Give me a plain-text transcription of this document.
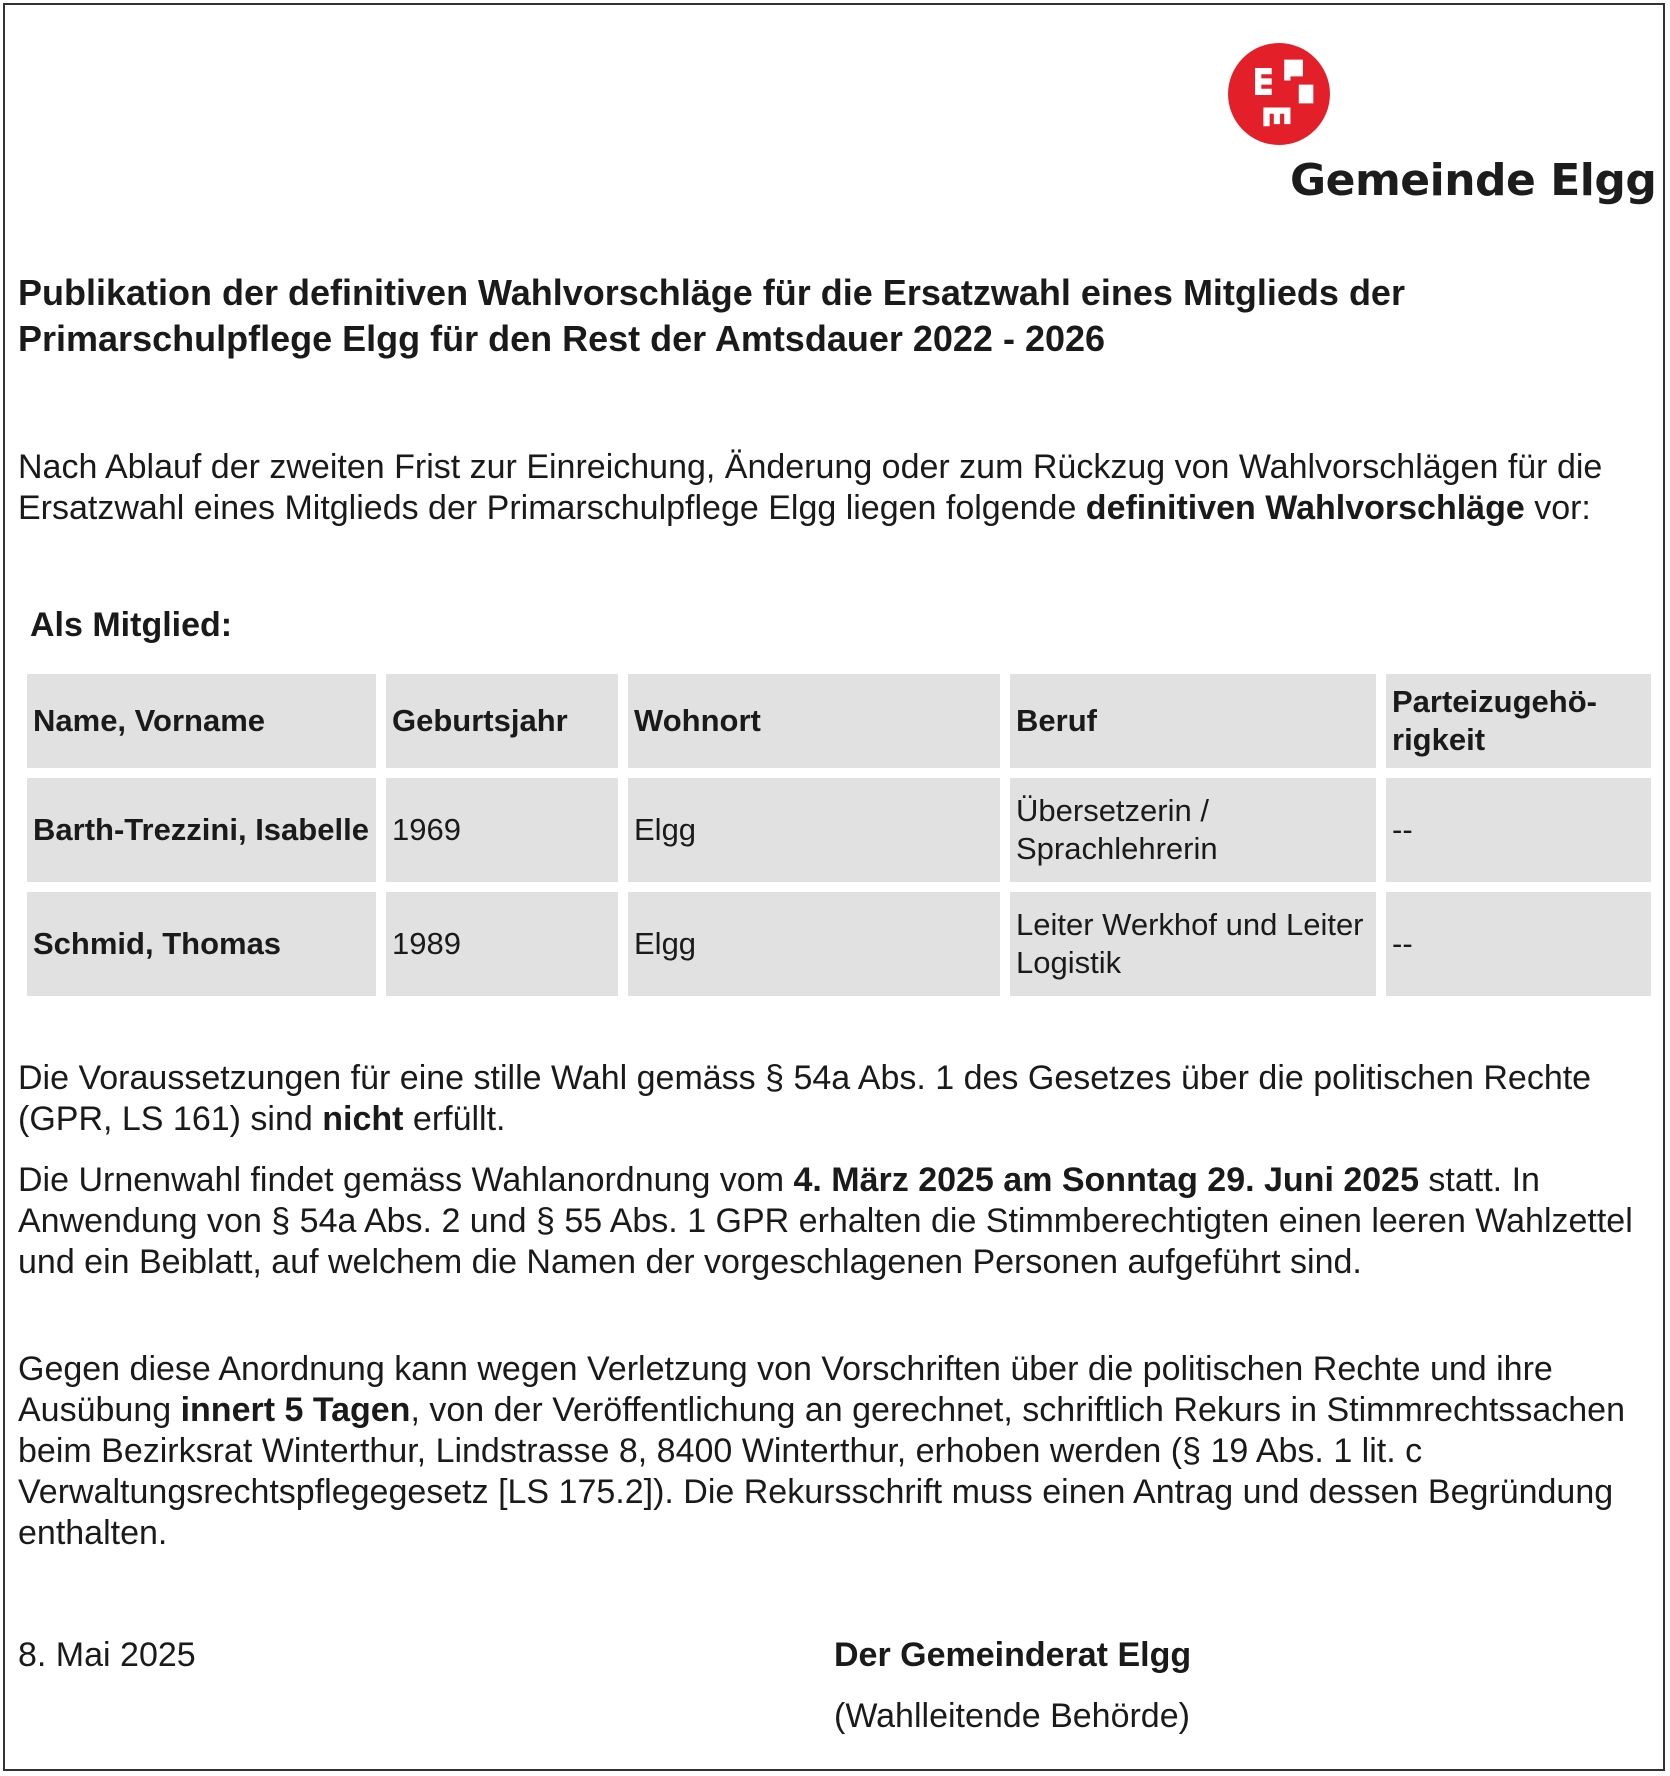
Gemeinde Elgg
Publikation der definitiven Wahlvorschläge für die Ersatzwahl eines Mitglieds der Primarschulpflege Elgg für den Rest der Amtsdauer 2022 - 2026

Nach Ablauf der zweiten Frist zur Einreichung, Änderung oder zum Rückzug von Wahlvorschlägen für die Ersatzwahl eines Mitglieds der Primarschulpflege Elgg liegen folgende definitiven Wahlvorschläge vor:

Als Mitglied:

Name, Vorname	Geburtsjahr	Wohnort	Beruf	Parteizugehö-rigkeit
Barth-Trezzini, Isabelle	1969	Elgg	Übersetzerin / Sprachlehrerin	--
Schmid, Thomas	1989	Elgg	Leiter Werkhof und Leiter Logistik	--

Die Voraussetzungen für eine stille Wahl gemäss § 54a Abs. 1 des Gesetzes über die politischen Rechte (GPR, LS 161) sind nicht erfüllt.

Die Urnenwahl findet gemäss Wahlanordnung vom 4. März 2025 am Sonntag 29. Juni 2025 statt. In Anwendung von § 54a Abs. 2 und § 55 Abs. 1 GPR erhalten die Stimmberechtigten einen leeren Wahlzettel und ein Beiblatt, auf welchem die Namen der vorgeschlagenen Personen aufgeführt sind.

Gegen diese Anordnung kann wegen Verletzung von Vorschriften über die politischen Rechte und ihre Ausübung innert 5 Tagen, von der Veröffentlichung an gerechnet, schriftlich Rekurs in Stimmrechtssachen beim Bezirksrat Winterthur, Lindstrasse 8, 8400 Winterthur, erhoben werden (§ 19 Abs. 1 lit. c Verwaltungsrechtspflegegesetz [LS 175.2]). Die Rekursschrift muss einen Antrag und dessen Begründung enthalten.

8. Mai 2025	Der Gemeinderat Elgg

(Wahlleitende Behörde)
